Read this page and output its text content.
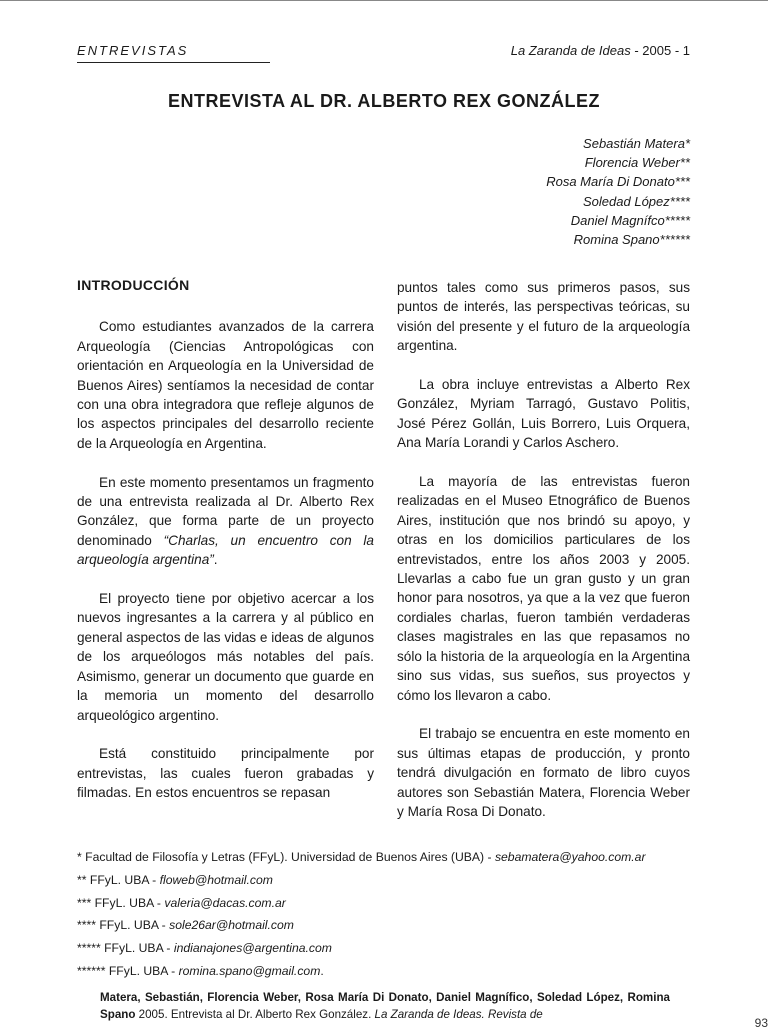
ENTREVISTAS	La Zaranda de Ideas - 2005 - 1
ENTREVISTA AL DR. ALBERTO REX GONZÁLEZ
Sebastián Matera*
Florencia Weber**
Rosa María Di Donato***
Soledad López****
Daniel Magnífco*****
Romina Spano******
INTRODUCCIÓN

Como estudiantes avanzados de la carrera Arqueología (Ciencias Antropológicas con orientación en Arqueología en la Universidad de Buenos Aires) sentíamos la necesidad de contar con una obra integradora que refleje algunos de los aspectos principales del desarrollo reciente de la Arqueología en Argentina.

En este momento presentamos un fragmento de una entrevista realizada al Dr. Alberto Rex González, que forma parte de un proyecto denominado “Charlas, un encuentro con la arqueología argentina”.

El proyecto tiene por objetivo acercar a los nuevos ingresantes a la carrera y al público en general aspectos de las vidas e ideas de algunos de los arqueólogos más notables del país. Asimismo, generar un documento que guarde en la memoria un momento del desarrollo arqueológico argentino.

Está constituido principalmente por entrevistas, las cuales fueron grabadas y filmadas. En estos encuentros se repasan

puntos tales como sus primeros pasos, sus puntos de interés, las perspectivas teóricas, su visión del presente y el futuro de la arqueología argentina.

La obra incluye entrevistas a Alberto Rex González, Myriam Tarragó, Gustavo Politis, José Pérez Gollán, Luis Borrero, Luis Orquera, Ana María Lorandi y Carlos Aschero.

La mayoría de las entrevistas fueron realizadas en el Museo Etnográfico de Buenos Aires, institución que nos brindó su apoyo, y otras en los domicilios particulares de los entrevistados, entre los años 2003 y 2005. Llevarlas a cabo fue un gran gusto y un gran honor para nosotros, ya que a la vez que fueron cordiales charlas, fueron también verdaderas clases magistrales en las que repasamos no sólo la historia de la arqueología en la Argentina sino sus vidas, sus sueños, sus proyectos y cómo los llevaron a cabo.

El trabajo se encuentra en este momento en sus últimas etapas de producción, y pronto tendrá divulgación en formato de libro cuyos autores son Sebastián Matera, Florencia Weber y María Rosa Di Donato.

* Facultad de Filosofía y Letras (FFyL). Universidad de Buenos Aires (UBA) - sebamatera@yahoo.com.ar
** FFyL. UBA - floweb@hotmail.com
*** FFyL. UBA - valeria@dacas.com.ar
**** FFyL. UBA - sole26ar@hotmail.com
***** FFyL. UBA - indianajones@argentina.com
****** FFyL. UBA - romina.spano@gmail.com.
Matera, Sebastián, Florencia Weber, Rosa María Di Donato, Daniel Magnífico, Soledad López, Romina Spano 2005. Entrevista al Dr. Alberto Rex González. La Zaranda de Ideas. Revista de
93
